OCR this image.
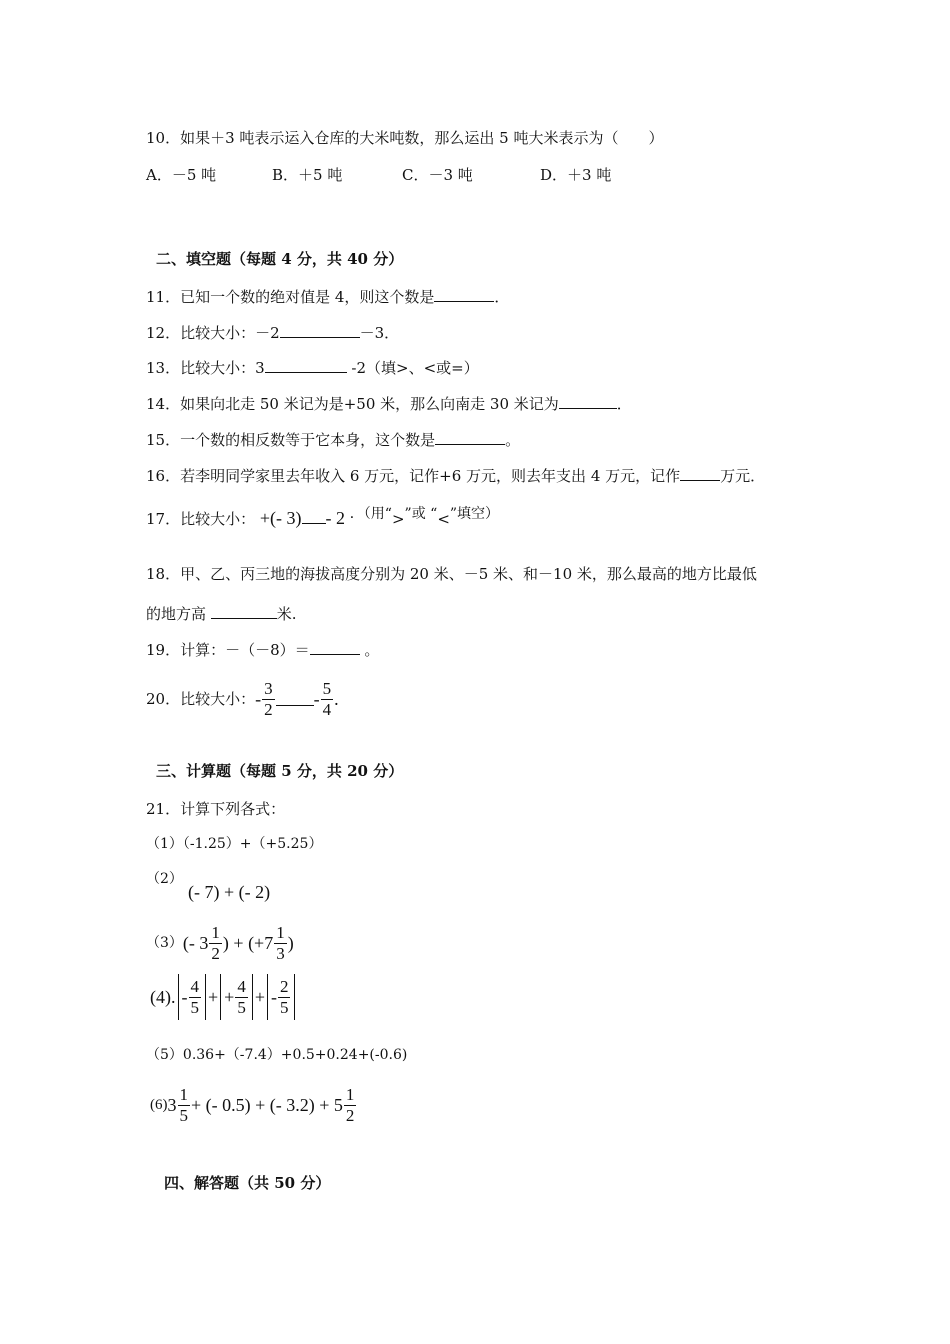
10．如果＋3 吨表示运入仓库的大米吨数，那么运出 5 吨大米表示为（　　）
A．－5 吨	B．＋5 吨	C．－3 吨	D．＋3 吨
二、填空题（每题 4 分，共 40 分）
11．已知一个数的绝对值是 4，则这个数是	．
12．比较大小：－2	－3．
13．比较大小：3	-2（填>、<或=）
14．如果向北走 50 米记为是+50 米，那么向南走 30 米记为	．
15．一个数的相反数等于它本身，这个数是	。
16．若李明同学家里去年收入 6 万元，记作+6 万元，则去年支出 4 万元，记作	万元．
17．比较大小： +(- 3) - 2 ．（用“>”或 “<”填空）
18．甲、乙、丙三地的海拔高度分别为 20 米、－5 米、和－10 米，那么最高的地方比最低
的地方高	米.
19．计算：－（－8）＝	。
20．比较大小： - $\frac{3}{2} - \frac{5}{4}$ .
三、计算题（每题 5 分，共 20 分）
21．计算下列各式：
（1）（-1.25）+（+5.25）
（2）
(- 7) + (- 2)
（3） (- $3 \frac{1}{2}$ ) + ($+7 \frac{1}{3}$ )
(4). - $\frac{4}{5}$ + + $\frac{4}{5}$ + - $\frac{2}{5}$
（5）0.36+（-7.4）+0.5+0.24+(-0.6)
(6) $3 \frac{1}{5}$ + (- 0.5) + (- $3.2) + 5 \frac{1}{2}$
四、解答题（共 50 分）
